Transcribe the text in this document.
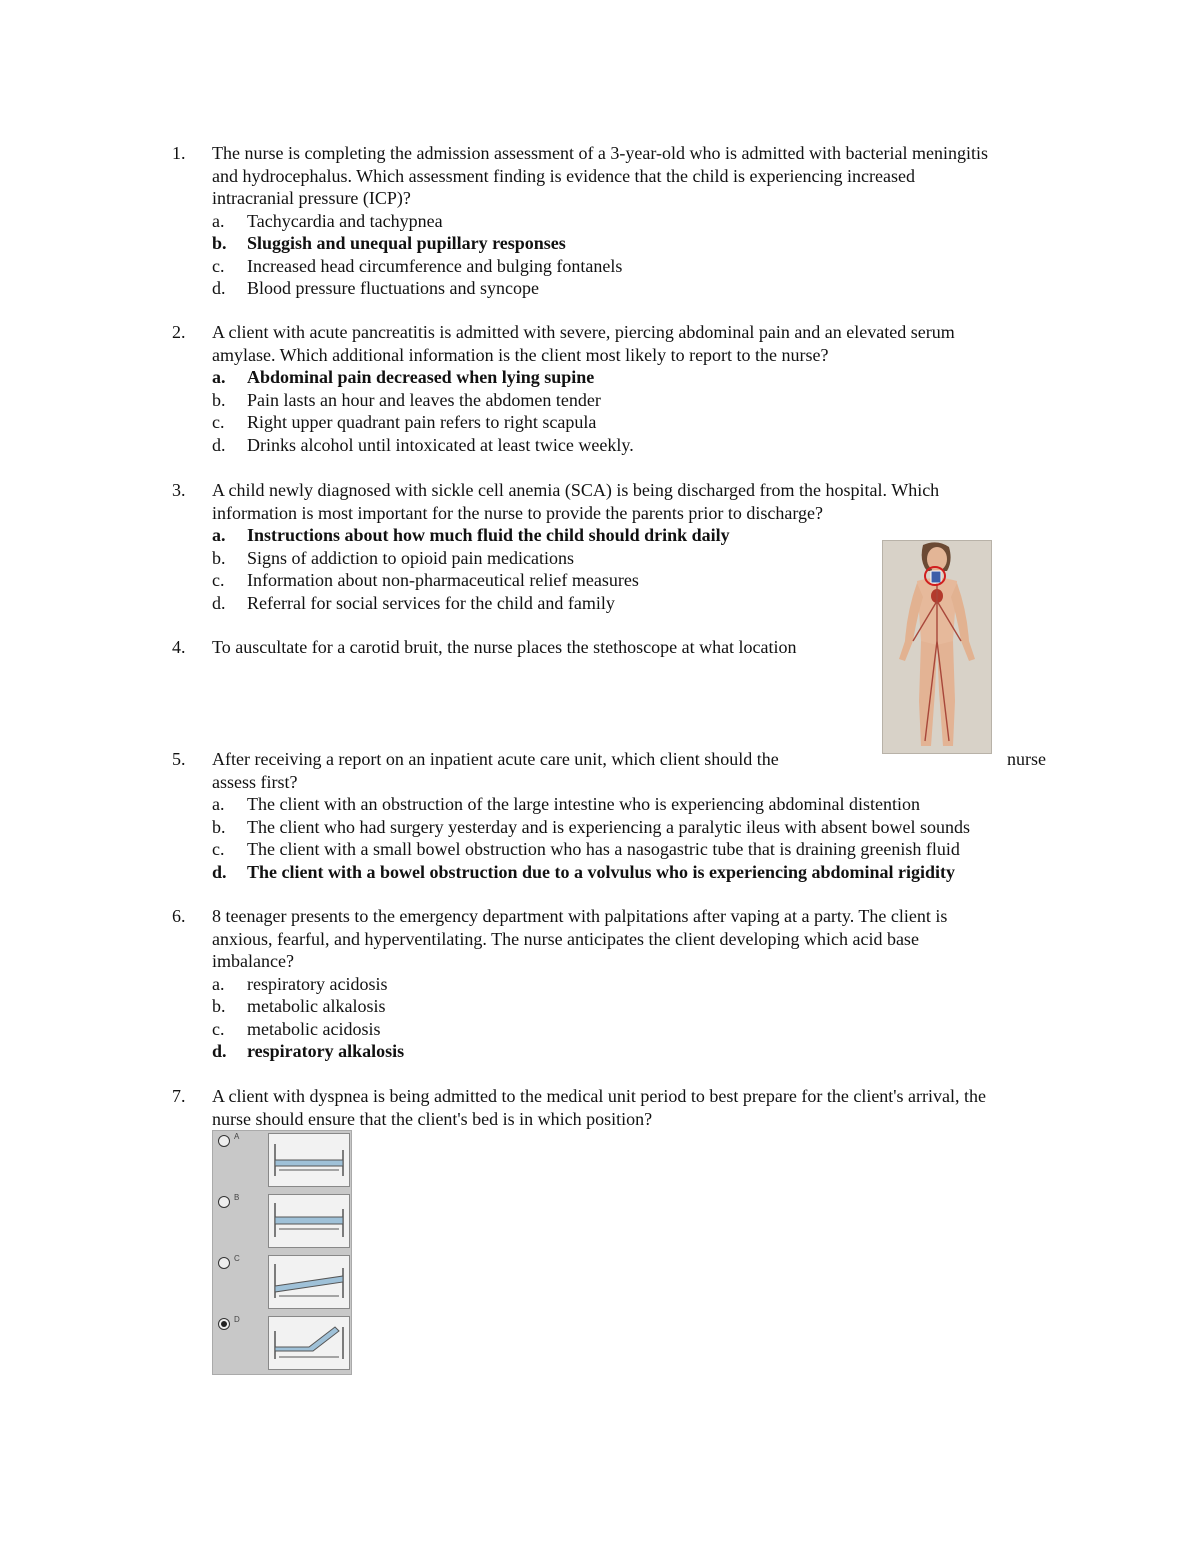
1.	The nurse is completing the admission assessment of a 3-year-old who is admitted with bacterial meningitis
and hydrocephalus. Which assessment finding is evidence that the child is experiencing increased
intracranial pressure (ICP)?
a.	Tachycardia and tachypnea
b.	Sluggish and unequal pupillary responses
c.	Increased head circumference and bulging fontanels
d.	Blood pressure fluctuations and syncope
2.	A client with acute pancreatitis is admitted with severe, piercing abdominal pain and an elevated serum
amylase. Which additional information is the client most likely to report to the nurse?
a.	Abdominal pain decreased when lying supine
b.	Pain lasts an hour and leaves the abdomen tender
c.	Right upper quadrant pain refers to right scapula
d.	Drinks alcohol until intoxicated at least twice weekly.
3.	A child newly diagnosed with sickle cell anemia (SCA) is being discharged from the hospital. Which
information is most important for the nurse to provide the parents prior to discharge?
a.	Instructions about how much fluid the child should drink daily
b.	Signs of addiction to opioid pain medications
c.	Information about non-pharmaceutical relief measures
d.	Referral for social services for the child and family
4.	To auscultate for a carotid bruit, the nurse places the stethoscope at what location
5.	After receiving a report on an inpatient acute care unit, which client should the	nurse
assess first?
a.	The client with an obstruction of the large intestine who is experiencing abdominal distention
b.	The client who had surgery yesterday and is experiencing a paralytic ileus with absent bowel sounds
c.	The client with a small bowel obstruction who has a nasogastric tube that is draining greenish fluid
d.	The client with a bowel obstruction due to a volvulus who is experiencing abdominal rigidity
6.	8 teenager presents to the emergency department with palpitations after vaping at a party. The client is
anxious, fearful, and hyperventilating. The nurse anticipates the client developing which acid base
imbalance?
a.	respiratory acidosis
b.	metabolic alkalosis
c.	metabolic acidosis
d.	respiratory alkalosis
7.	A client with dyspnea is being admitted to the medical unit period to best prepare for the client's arrival, the
nurse should ensure that the client's bed is in which position?
A
B
C
D
